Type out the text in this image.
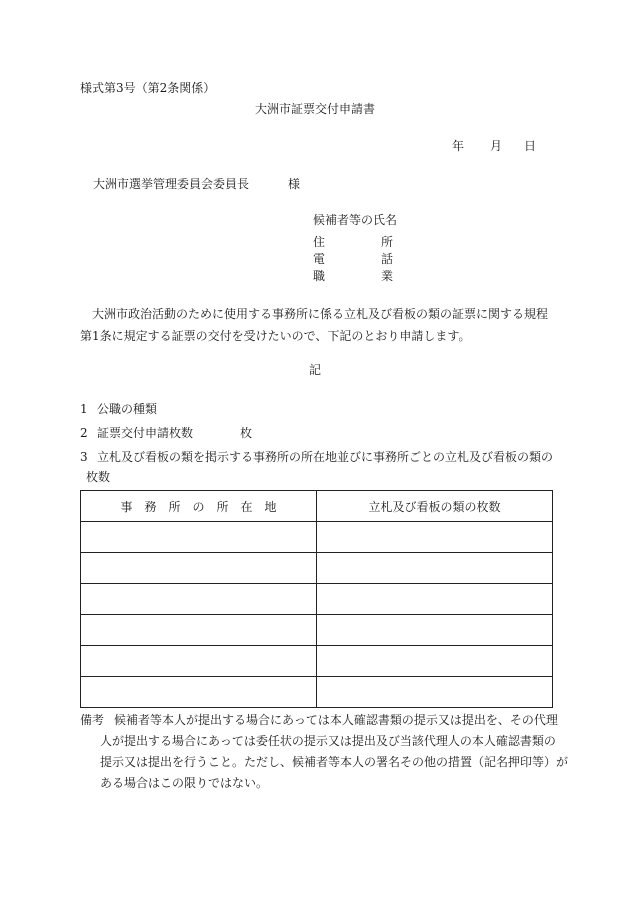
様式第3号（第2条関係）
大洲市証票交付申請書
年 月 日
大洲市選挙管理委員会委員長	様
候補者等の氏名
住	所
電	話
職	業
大洲市政治活動のために使用する事務所に係る立札及び看板の類の証票に関する規程第1条に規定する証票の交付を受けたいので、下記のとおり申請します。
記
1 公職の種類
2 証票交付申請枚数	枚
3 立札及び看板の類を掲示する事務所の所在地並びに事務所ごとの立札及び看板の類の
枚数
事　務　所　の　所　在　地	立札及び看板の類の枚数

備考 候補者等本人が提出する場合にあっては本人確認書類の提示又は提出を、その代理
人が提出する場合にあっては委任状の提示又は提出及び当該代理人の本人確認書類の
提示又は提出を行うこと。ただし、候補者等本人の署名その他の措置（記名押印等）が
ある場合はこの限りではない。
